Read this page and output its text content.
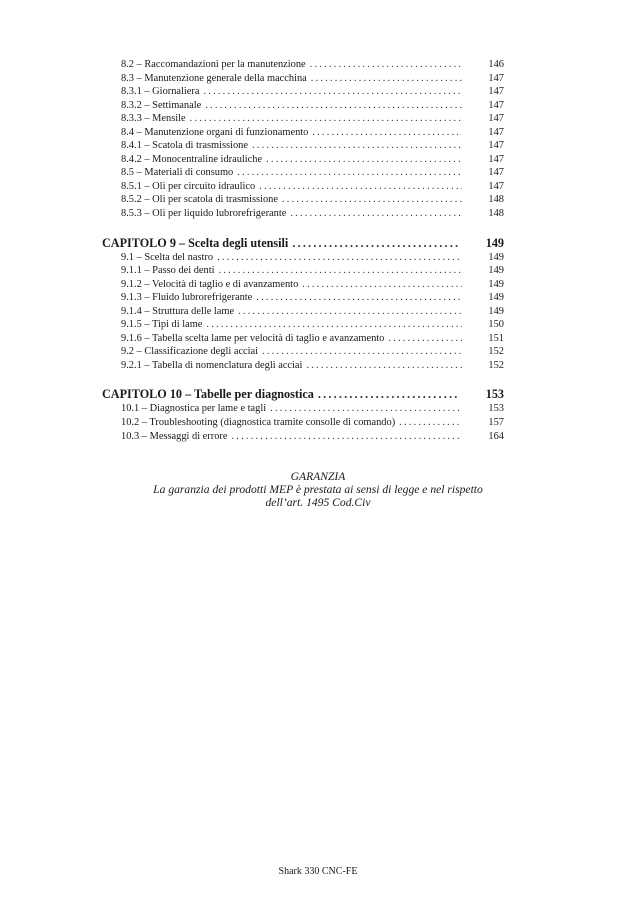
8.2 – Raccomandazioni per la manutenzione .....	146
8.3 – Manutenzione generale della macchina .....	147
8.3.1 – Giornaliera .....	147
8.3.2 – Settimanale .....	147
8.3.3 – Mensile .....	147
8.4 – Manutenzione organi di funzionamento .....	147
8.4.1 – Scatola di trasmissione .....	147
8.4.2 – Monocentraline idrauliche .....	147
8.5 – Materiali di consumo .....	147
8.5.1 – Oli per circuito idraulico .....	147
8.5.2 – Oli per scatola di trasmissione .....	148
8.5.3 – Oli per liquido lubrorefrigerante .....	148
CAPITOLO 9 – Scelta degli utensili .....	149
9.1 – Scelta del nastro .....	149
9.1.1 – Passo dei denti .....	149
9.1.2 – Velocità di taglio e di avanzamento .....	149
9.1.3 – Fluido lubrorefrigerante .....	149
9.1.4 – Struttura delle lame .....	149
9.1.5 – Tipi di lame .....	150
9.1.6 – Tabella scelta lame per velocità di taglio e avanzamento .....	151
9.2 – Classificazione degli acciai .....	152
9.2.1 – Tabella di nomenclatura degli acciai .....	152
CAPITOLO 10 – Tabelle per diagnostica .....	153
10.1 – Diagnostica per lame e tagli .....	153
10.2 – Troubleshooting (diagnostica tramite consolle di comando) .....	157
10.3 – Messaggi di errore .....	164
GARANZIA
La garanzia dei prodotti MEP è prestata ai sensi di legge e nel rispetto
dell’art. 1495 Cod.Civ
Shark 330 CNC-FE
